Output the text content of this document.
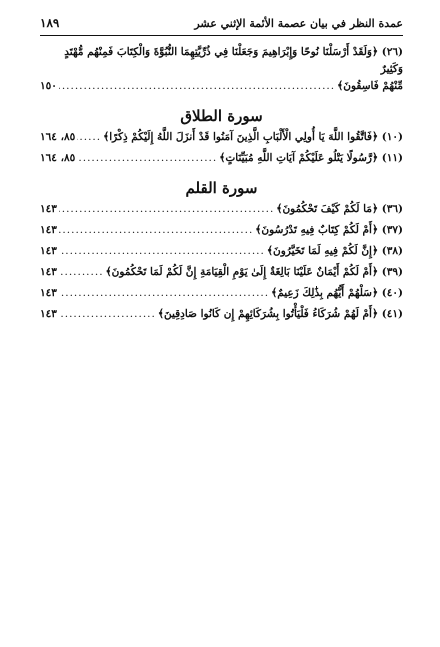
عمدة النظر في بيان عصمة الأئمة الإثني عشر
١٨٩
(٢٦) ﴿وَلَقَدْ أَرْسَلْنَا نُوحًا وَإِبْرَاهِيمَ وَجَعَلْنَا فِي ذُرِّيَّتِهِمَا النُّبُوَّةَ وَالْكِتَابَ فَمِنْهُم مُّهْتَدٍ وَكَثِيرٌ
مِّنْهُمْ فَاسِقُونَ﴾
.....
١٥٠
سورة الطلاق
(١٠) ﴿فَاتَّقُوا اللَّهَ يَا أُولِي الْأَلْبَابِ الَّذِينَ آمَنُوا قَدْ أَنزَلَ اللَّهُ إِلَيْكُمْ ذِكْرًا﴾
.....
٨٥، ١٦٤
(١١) ﴿رَّسُولًا يَتْلُو عَلَيْكُمْ آيَاتِ اللَّهِ مُبَيِّنَاتٍ﴾
.....
٨٥، ١٦٤
سورة القلم
(٣٦) ﴿مَا لَكُمْ كَيْفَ تَحْكُمُونَ﴾
.....
١٤٣
(٣٧) ﴿أَمْ لَكُمْ كِتَابٌ فِيهِ تَدْرُسُونَ﴾
.....
١٤٣
(٣٨) ﴿إِنَّ لَكُمْ فِيهِ لَمَا تَخَيَّرُونَ﴾
.....
١٤٣
(٣٩) ﴿أَمْ لَكُمْ أَيْمَانٌ عَلَيْنَا بَالِغَةٌ إِلَىٰ يَوْمِ الْقِيَامَةِ إِنَّ لَكُمْ لَمَا تَحْكُمُونَ﴾
.....
١٤٣
(٤٠) ﴿سَلْهُمْ أَيُّهُم بِذَٰلِكَ زَعِيمٌ﴾
.....
١٤٣
(٤١) ﴿أَمْ لَهُمْ شُرَكَاءُ فَلْيَأْتُوا بِشُرَكَائِهِمْ إِن كَانُوا صَادِقِينَ﴾
.....
١٤٣
